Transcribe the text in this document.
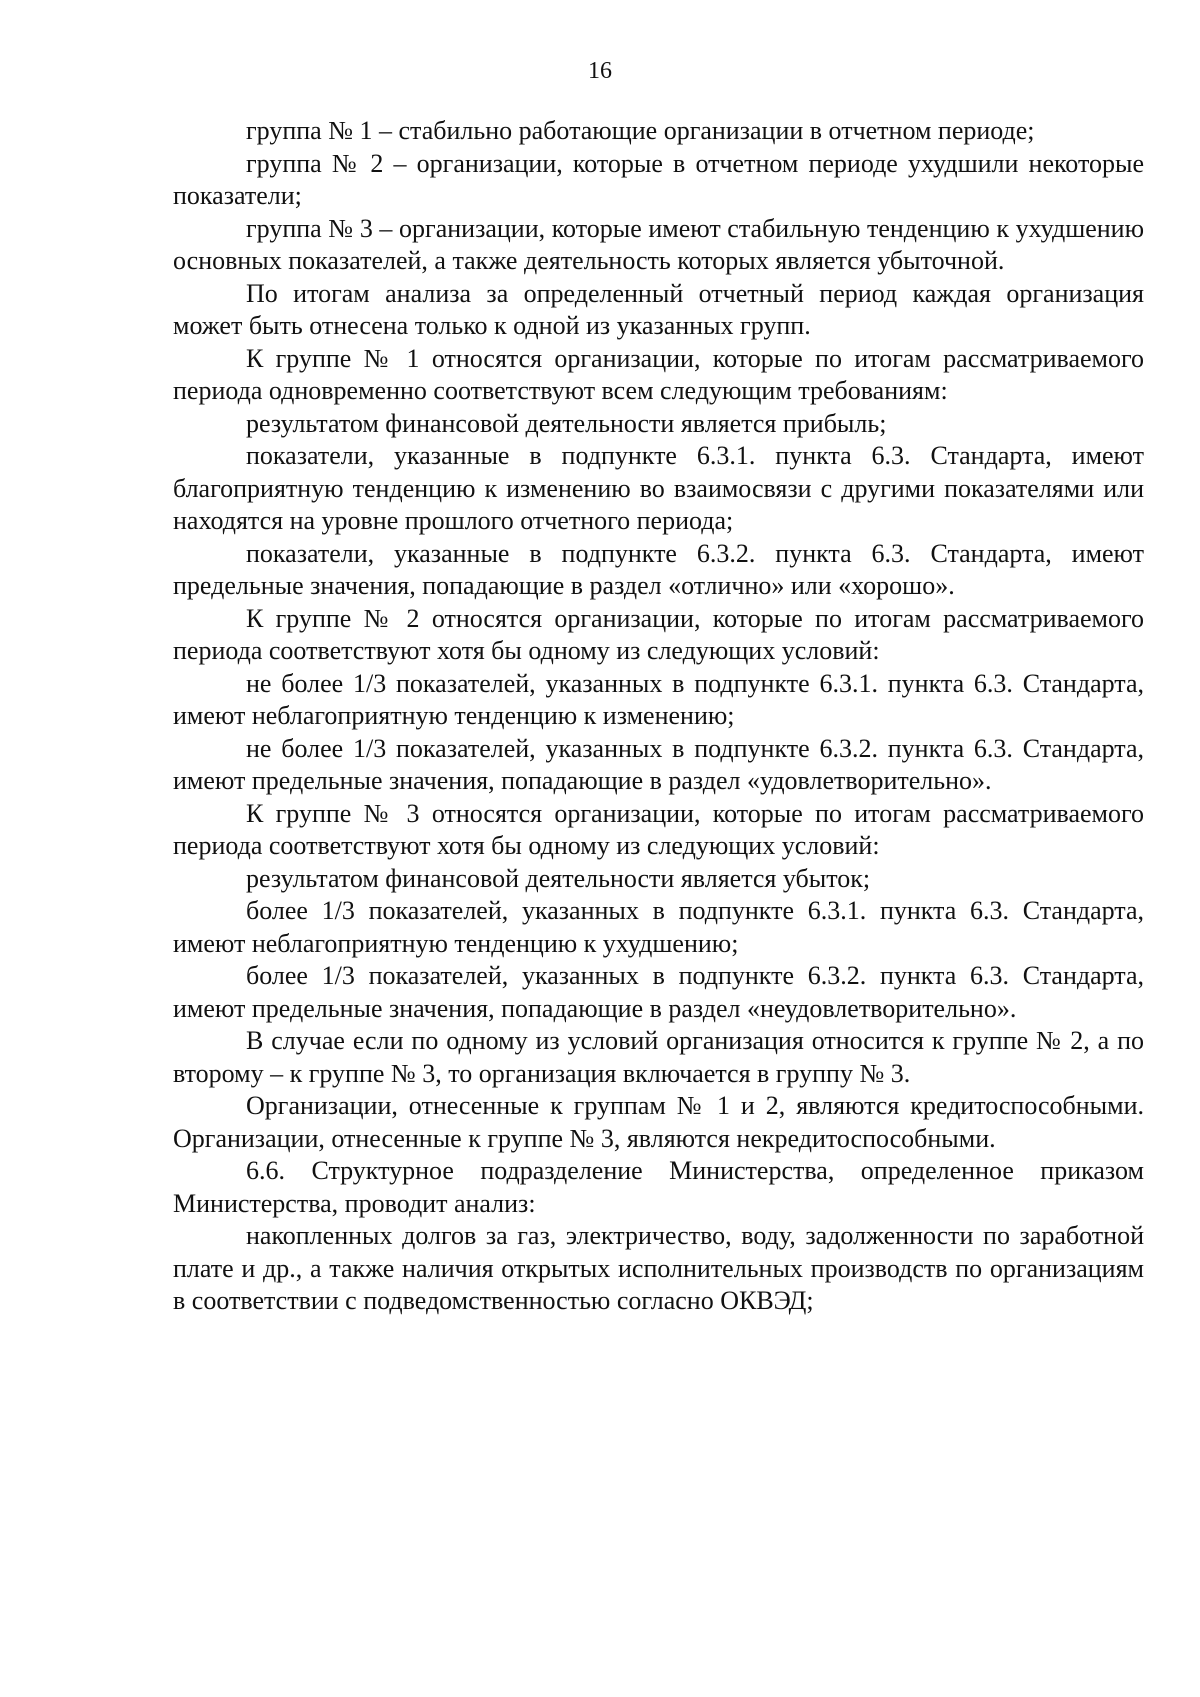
16

группа № 1 – стабильно работающие организации в отчетном периоде;

группа № 2 – организации, которые в отчетном периоде ухудшили некоторые показатели;

группа № 3 – организации, которые имеют стабильную тенденцию к ухудшению основных показателей, а также деятельность которых является убыточной.

По итогам анализа за определенный отчетный период каждая организация может быть отнесена только к одной из указанных групп.

К группе № 1 относятся организации, которые по итогам рассматриваемого периода одновременно соответствуют всем следующим требованиям:

результатом финансовой деятельности является прибыль;

показатели, указанные в подпункте 6.3.1. пункта 6.3. Стандарта, имеют благоприятную тенденцию к изменению во взаимосвязи с другими показателями или находятся на уровне прошлого отчетного периода;

показатели, указанные в подпункте 6.3.2. пункта 6.3. Стандарта, имеют предельные значения, попадающие в раздел «отлично» или «хорошо».

К группе № 2 относятся организации, которые по итогам рассматриваемого периода соответствуют хотя бы одному из следующих условий:

не более 1/3 показателей, указанных в подпункте 6.3.1. пункта 6.3. Стандарта, имеют неблагоприятную тенденцию к изменению;

не более 1/3 показателей, указанных в подпункте 6.3.2. пункта 6.3. Стандарта, имеют предельные значения, попадающие в раздел «удовлетворительно».

К группе № 3 относятся организации, которые по итогам рассматриваемого периода соответствуют хотя бы одному из следующих условий:

результатом финансовой деятельности является убыток;

более 1/3 показателей, указанных в подпункте 6.3.1. пункта 6.3. Стандарта, имеют неблагоприятную тенденцию к ухудшению;

более 1/3 показателей, указанных в подпункте 6.3.2. пункта 6.3. Стандарта, имеют предельные значения, попадающие в раздел «неудовлетворительно».

В случае если по одному из условий организация относится к группе № 2, а по второму – к группе № 3, то организация включается в группу № 3.

Организации, отнесенные к группам № 1 и 2, являются кредитоспособными. Организации, отнесенные к группе № 3, являются некредитоспособными.

6.6. Структурное подразделение Министерства, определенное приказом Министерства, проводит анализ:

накопленных долгов за газ, электричество, воду, задолженности по заработной плате и др., а также наличия открытых исполнительных производств по организациям в соответствии с подведомственностью согласно ОКВЭД;
